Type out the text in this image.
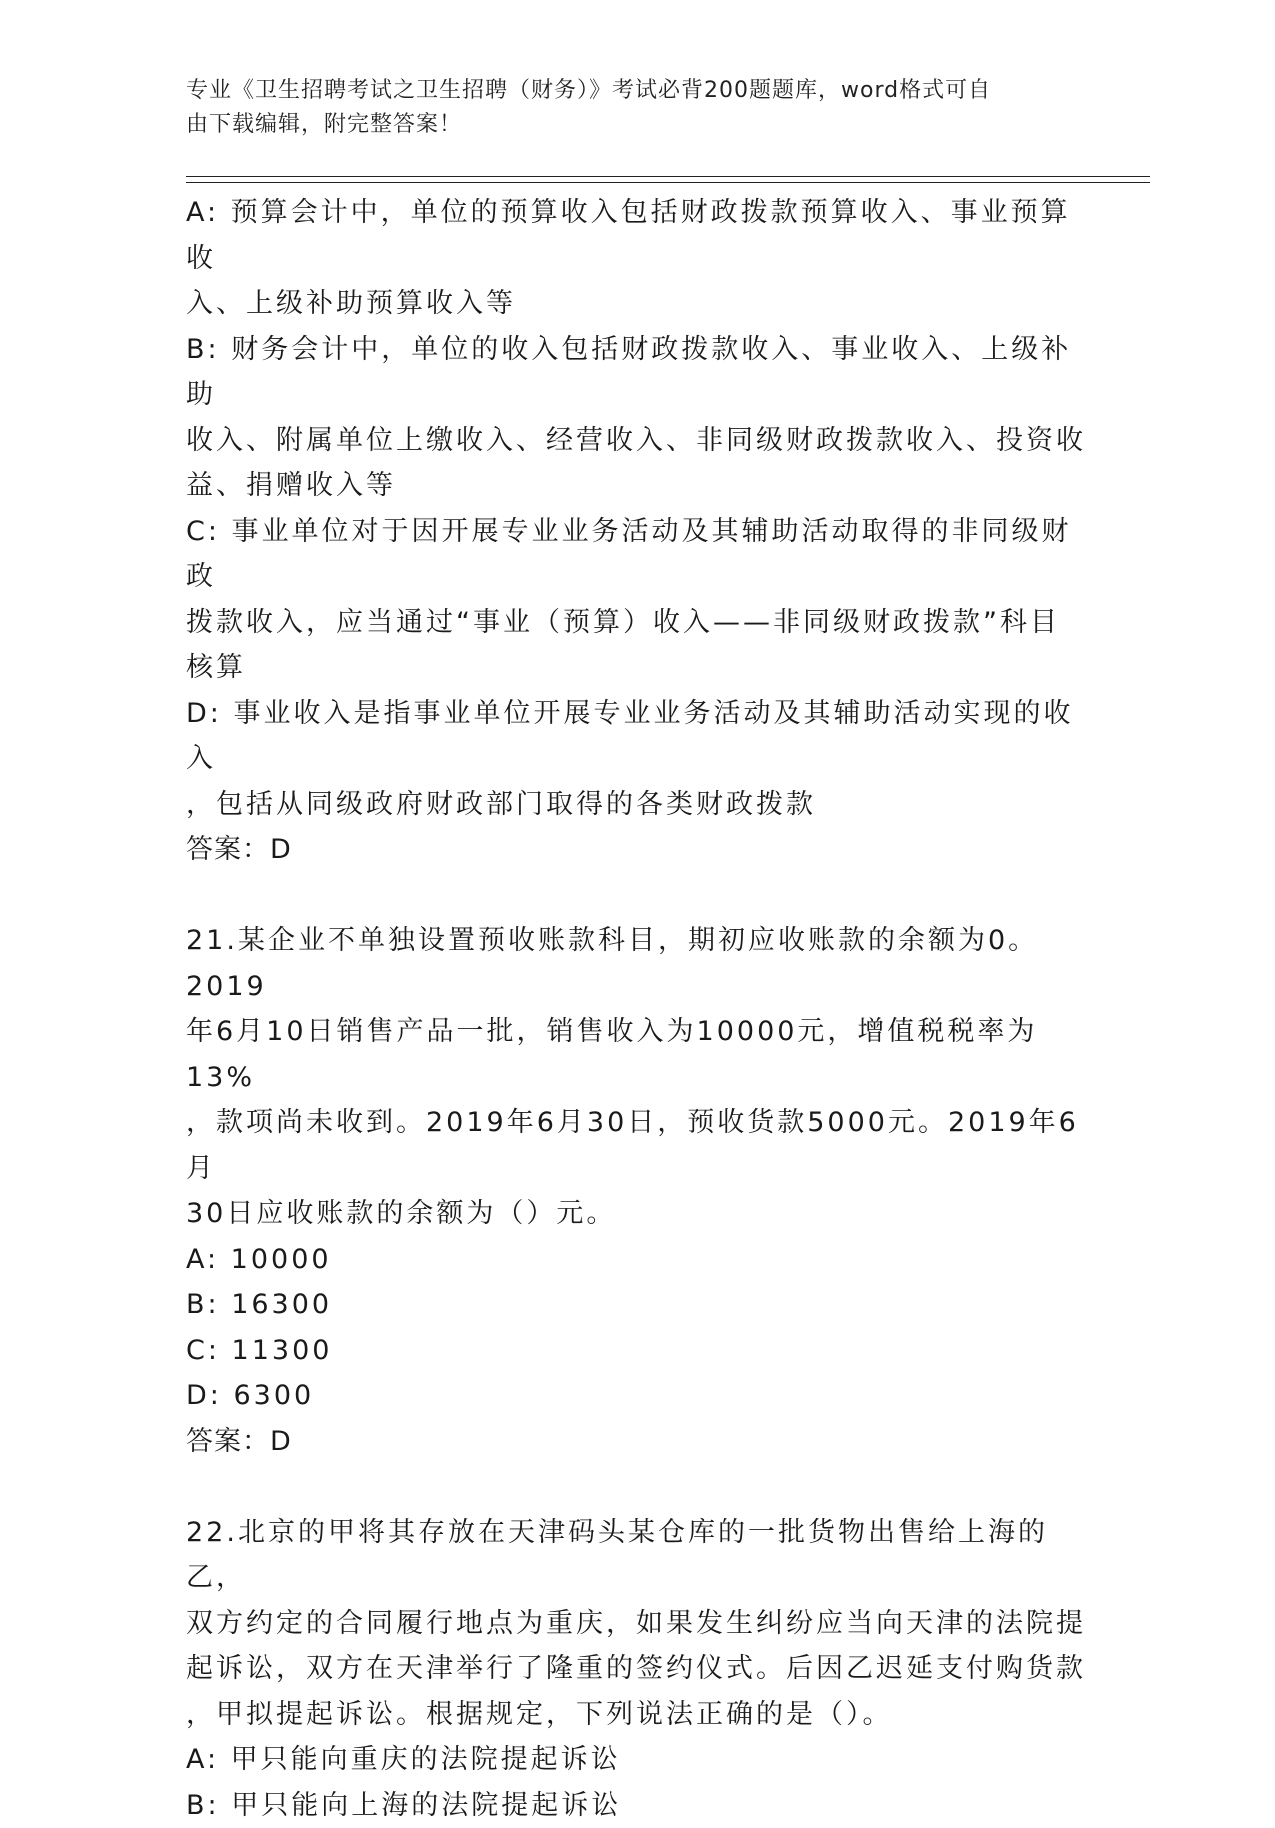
专业《卫生招聘考试之卫生招聘（财务）》考试必背200题题库，word格式可自
由下载编辑，附完整答案！

A: 预算会计中，单位的预算收入包括财政拨款预算收入、事业预算收

入、上级补助预算收入等

B: 财务会计中，单位的收入包括财政拨款收入、事业收入、上级补助

收入、附属单位上缴收入、经营收入、非同级财政拨款收入、投资收

益、捐赠收入等

C: 事业单位对于因开展专业业务活动及其辅助活动取得的非同级财政

拨款收入，应当通过“事业（预算）收入——非同级财政拨款”科目

核算

D: 事业收入是指事业单位开展专业业务活动及其辅助活动实现的收入

，包括从同级政府财政部门取得的各类财政拨款

答案：D

21.某企业不单独设置预收账款科目，期初应收账款的余额为0。2019

年6月10日销售产品一批，销售收入为10000元，增值税税率为13%

，款项尚未收到。2019年6月30日，预收货款5000元。2019年6月

30日应收账款的余额为（）元。

A: 10000

B: 16300

C: 11300

D: 6300

答案：D

22.北京的甲将其存放在天津码头某仓库的一批货物出售给上海的乙，

双方约定的合同履行地点为重庆，如果发生纠纷应当向天津的法院提

起诉讼，双方在天津举行了隆重的签约仪式。后因乙迟延支付购货款

，甲拟提起诉讼。根据规定，下列说法正确的是（）。

A: 甲只能向重庆的法院提起诉讼

B: 甲只能向上海的法院提起诉讼
